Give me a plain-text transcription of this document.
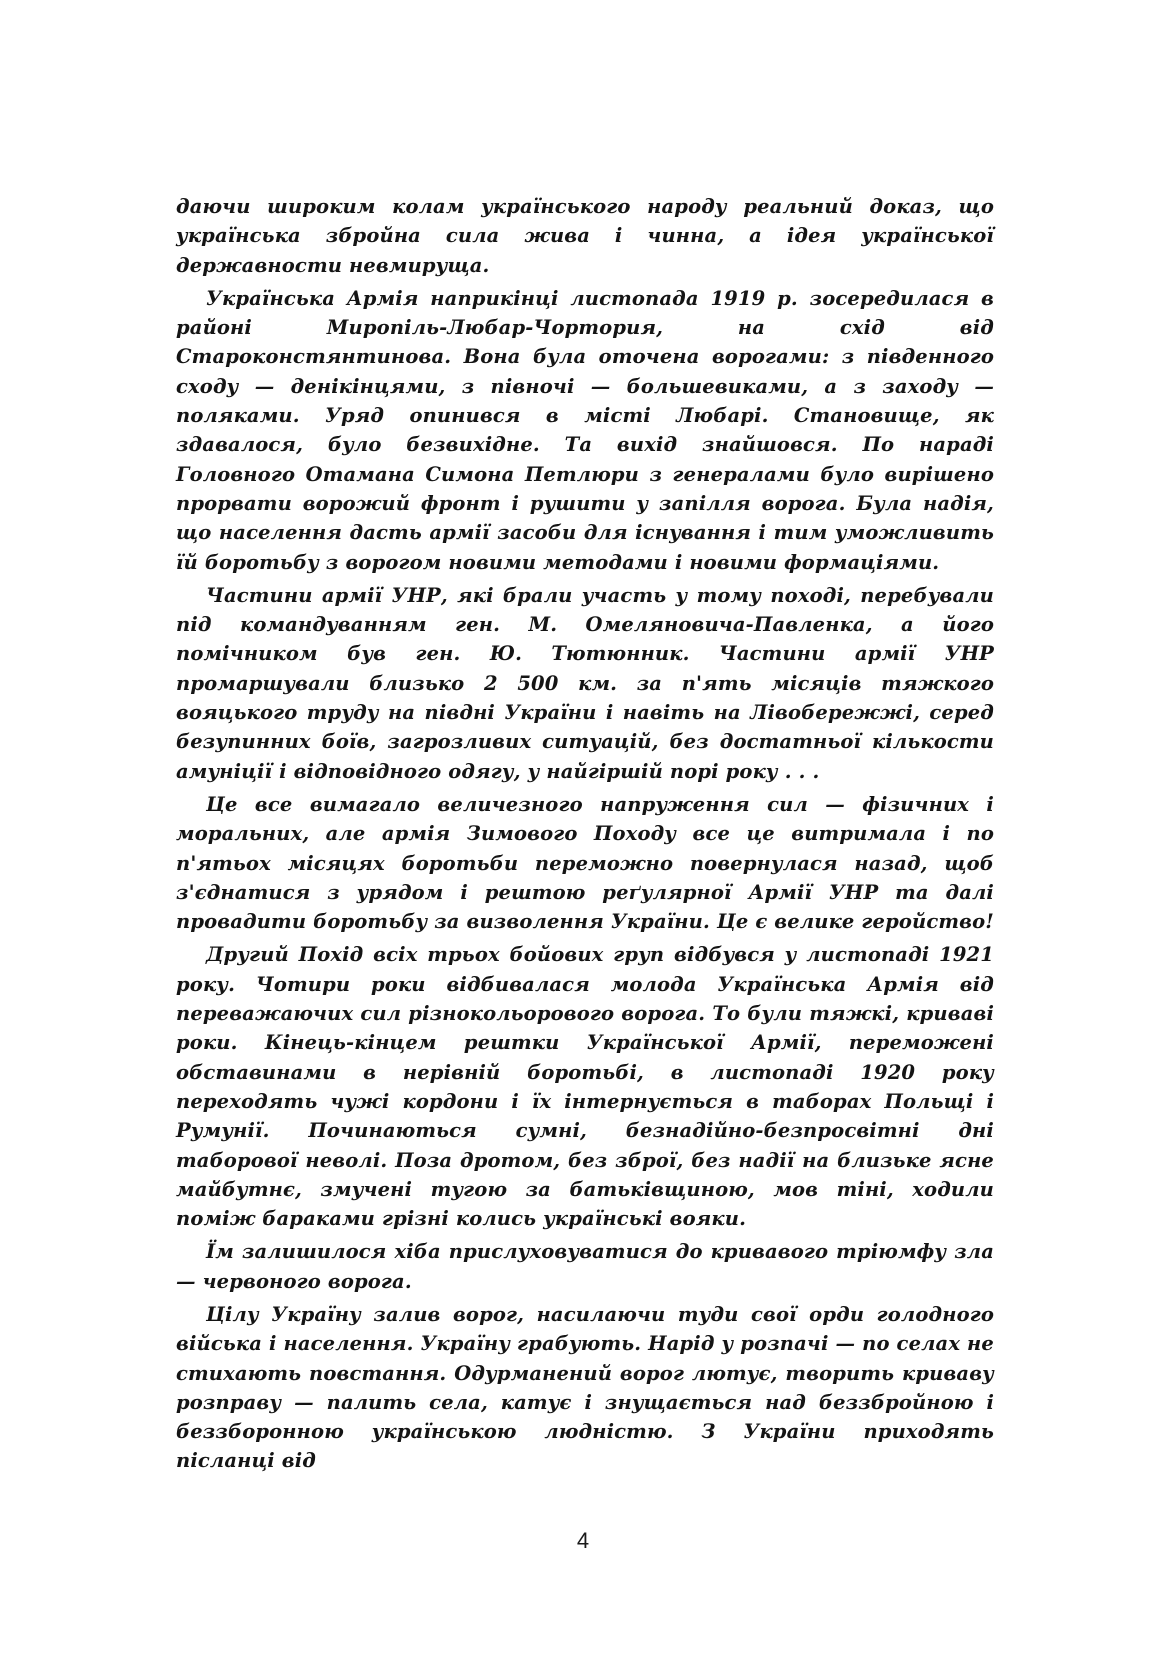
даючи широким колам українського народу реальний доказ, що українська збройна сила жива і чинна, а ідея української державности невмируща.

Українська Армія наприкінці листопада 1919 р. зосередилася в районі Миропіль-Любар-Чортория, на схід від Староконстянтинова. Вона була оточена ворогами: з південного сходу — денікінцями, з півночі — большевиками, а з заходу — поляками. Уряд опинився в місті Любарі. Становище, як здавалося, було безвихідне. Та вихід знайшовся. По нараді Головного Отамана Симона Петлюри з генералами було вирішено прорвати ворожий фронт і рушити у запілля ворога. Була надія, що населення дасть армії засоби для існування і тим уможливить їй боротьбу з ворогом новими методами і новими формаціями.

Частини армії УНР, які брали участь у тому поході, перебували під командуванням ген. М. Омеляновича-Павленка, а його помічником був ген. Ю. Тютюнник. Частини армії УНР промаршували близько 2 500 км. за п'ять місяців тяжкого вояцького труду на півдні України і навіть на Лівобережжі, серед безупинних боїв, загрозливих ситуацій, без достатньої кількости амуніції і відповідного одягу, у найгіршій порі року . . .

Це все вимагало величезного напруження сил — фізичних і моральних, але армія Зимового Походу все це витримала і по п'ятьох місяцях боротьби переможно повернулася назад, щоб з'єднатися з урядом і рештою реґулярної Армії УНР та далі провадити боротьбу за визволення України. Це є велике геройство!

Другий Похід всіх трьох бойових груп відбувся у листопаді 1921 року. Чотири роки відбивалася молода Українська Армія від переважаючих сил різнокольорового ворога. То були тяжкі, криваві роки. Кінець-кінцем рештки Української Армії, переможені обставинами в нерівній боротьбі, в листопаді 1920 року переходять чужі кордони і їх інтернується в таборах Польщі і Румунії. Починаються сумні, безнадійно-безпросвітні дні таборової неволі. Поза дротом, без зброї, без надії на близьке ясне майбутнє, змучені тугою за батьківщиною, мов тіні, ходили поміж бараками грізні колись українські вояки.

Їм залишилося хіба прислуховуватися до кривавого тріюмфу зла — червоного ворога.

Цілу Україну залив ворог, насилаючи туди свої орди голодного війська і населення. Україну грабують. Нарід у розпачі — по селах не стихають повстання. Одурманений ворог лютує, творить криваву розправу — палить села, катує і знущається над беззбройною і беззборонною українською людністю. З України приходять післанці від

4
